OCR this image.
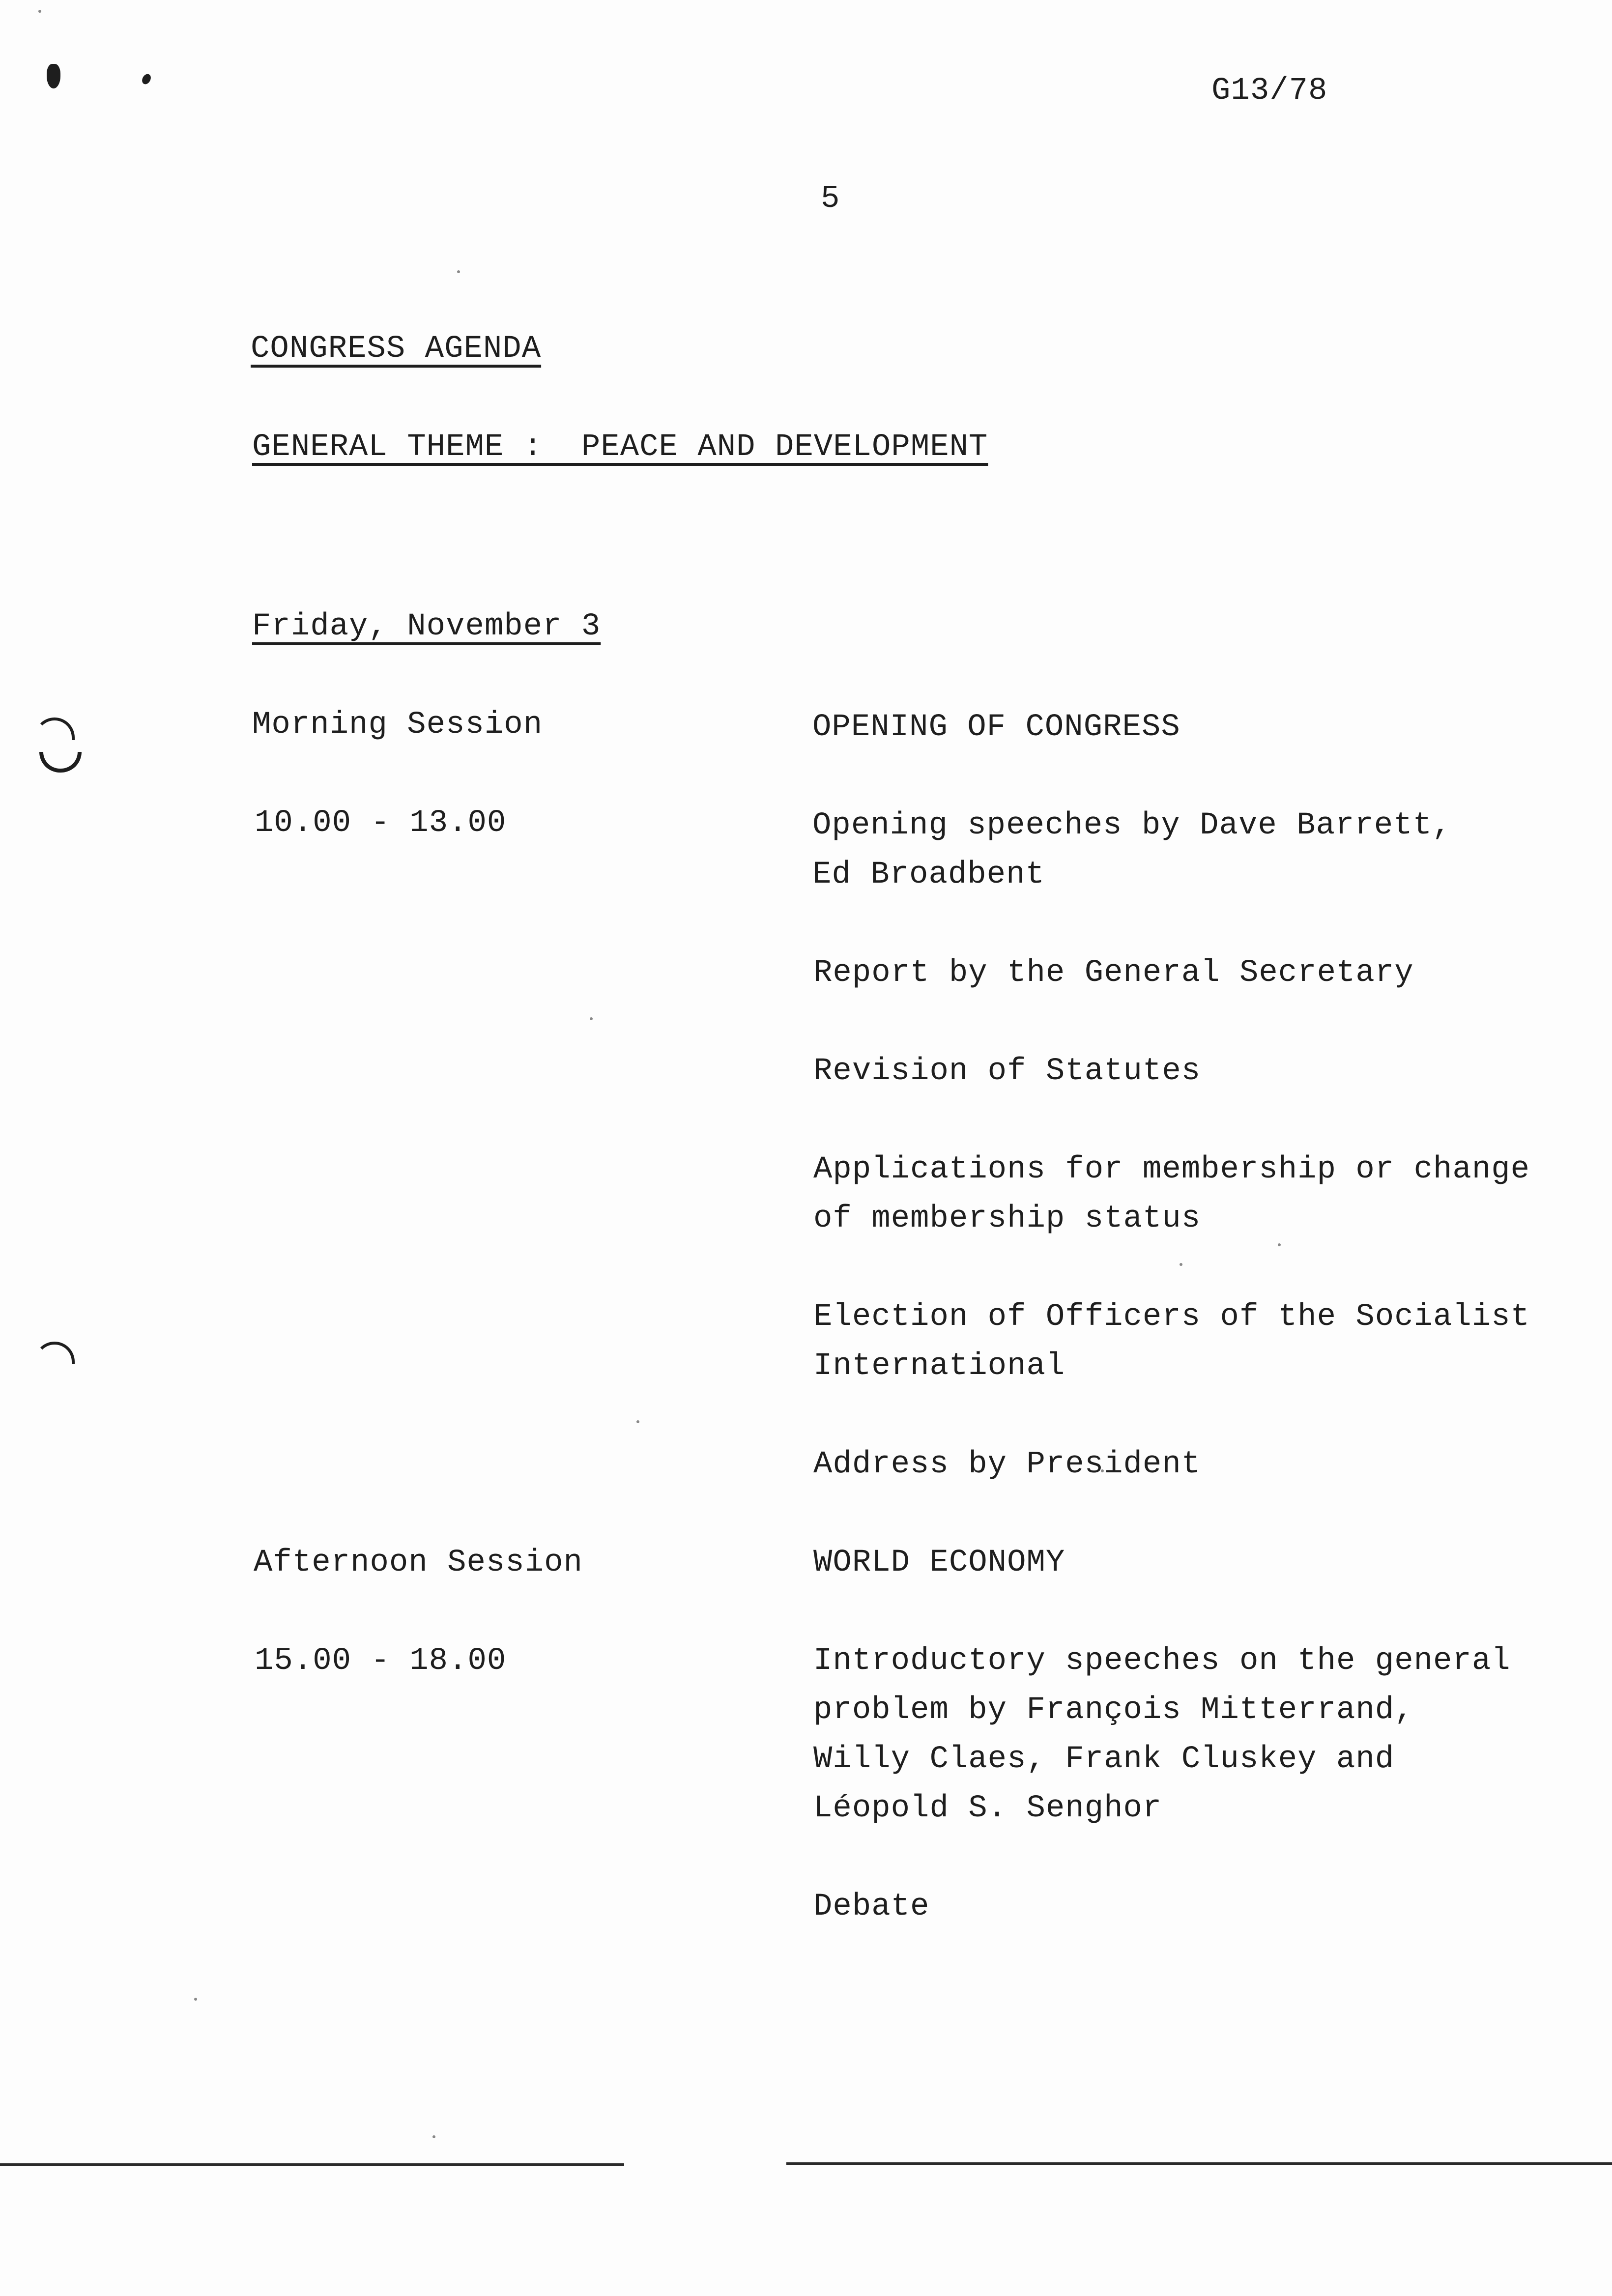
G13/78
5
CONGRESS AGENDA
GENERAL THEME :  PEACE AND DEVELOPMENT
Friday, November 3
Morning Session
10.00 - 13.00
OPENING OF CONGRESS
Opening speeches by Dave Barrett,
Ed Broadbent
Report by the General Secretary
Revision of Statutes
Applications for membership or change
of membership status
Election of Officers of the Socialist
International
Address by President
Afternoon Session
15.00 - 18.00
WORLD ECONOMY
Introductory speeches on the general
problem by François Mitterrand,
Willy Claes, Frank Cluskey and
Léopold S. Senghor
Debate
